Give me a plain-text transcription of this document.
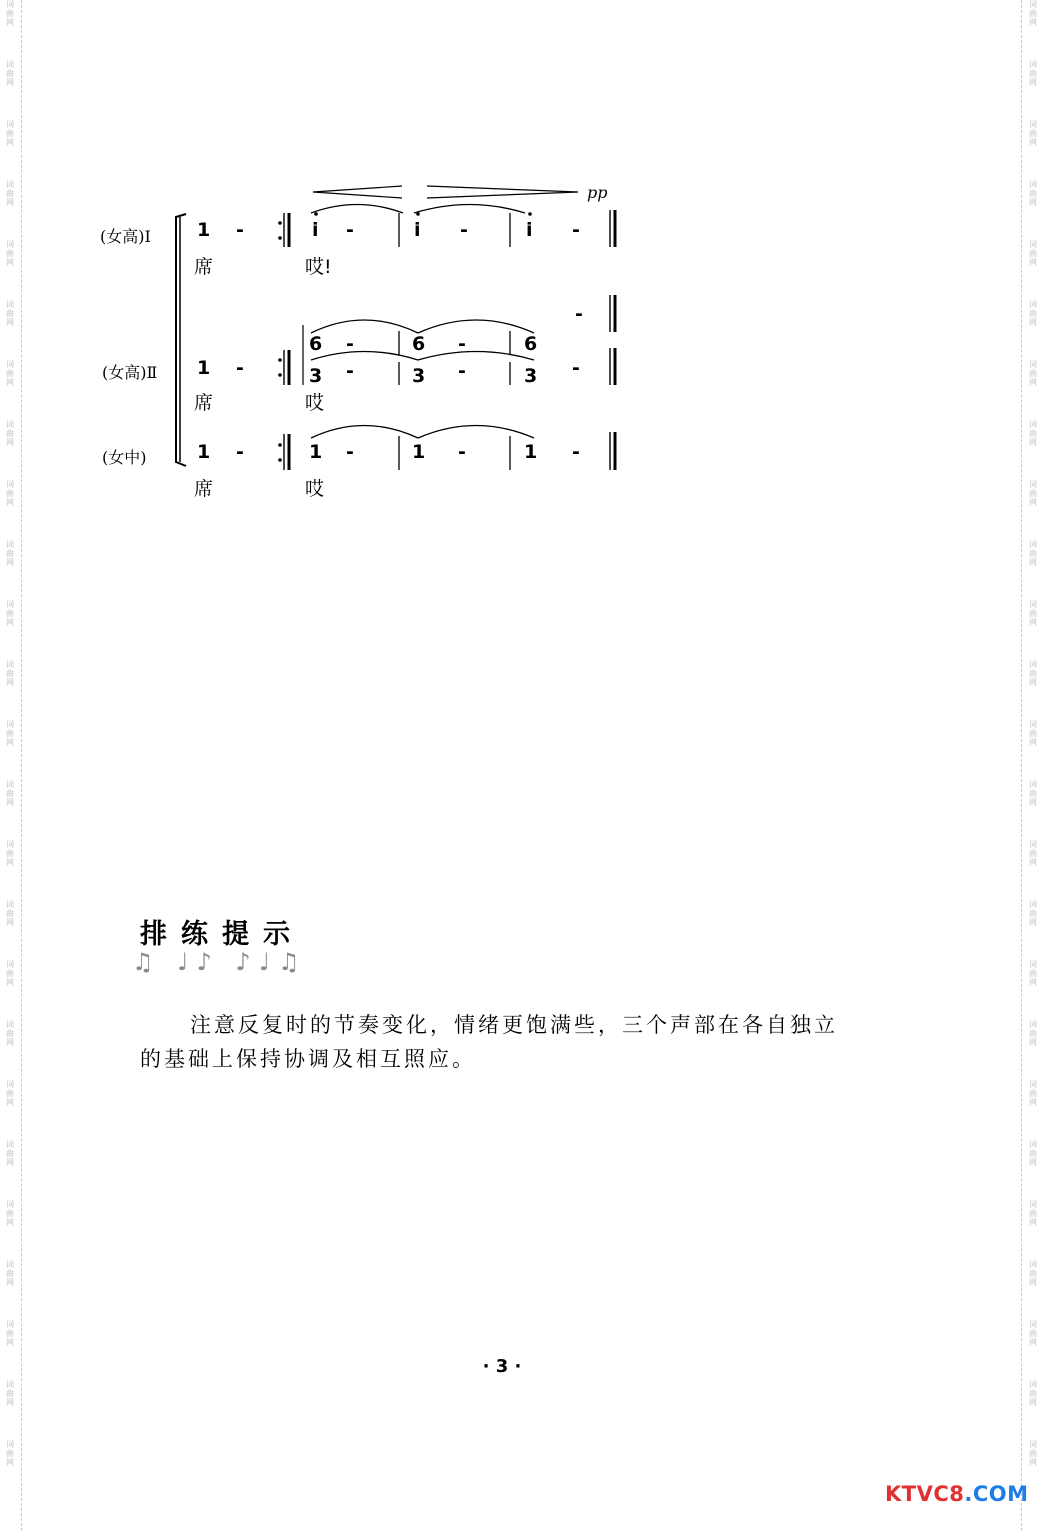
词
曲
网
词
曲
网
词
曲
网
词
曲
网
词
曲
网
词
曲
网
词
曲
网
词
曲
网
词
曲
网
词
曲
网
词
曲
网
词
曲
网
词
曲
网
词
曲
网
词
曲
网
词
曲
网
词
曲
网
词
曲
网
词
曲
网
词
曲
网
词
曲
网
词
曲
网
词
曲
网
词
曲
网
词
曲
网
词
曲
网
词
曲
网
词
曲
网
词
曲
网
词
曲
网
词
曲
网
词
曲
网
词
曲
网
词
曲
网
词
曲
网
词
曲
网
词
曲
网
词
曲
网
词
曲
网
词
曲
网
词
曲
网
词
曲
网
词
曲
网
词
曲
网
词
曲
网
词
曲
网
词
曲
网
词
曲
网
词
曲
网
词
曲
网
pp
(女高)Ⅰ 1 -	i -	i -	i -
席	哎!
-
(女高)Ⅱ 1 -
6 -	6 -	6
3 -	3 -	3 -
席	哎
(女中)	1 -	1 -	1 -	1 -
席	哎
排练提示
♫ ♩♪ ♪♩♫

注意反复时的节奏变化，情绪更饱满些，三个声部在各自独立的基础上保持协调及相互照应。

· 3 ·
KTVC8.COM
